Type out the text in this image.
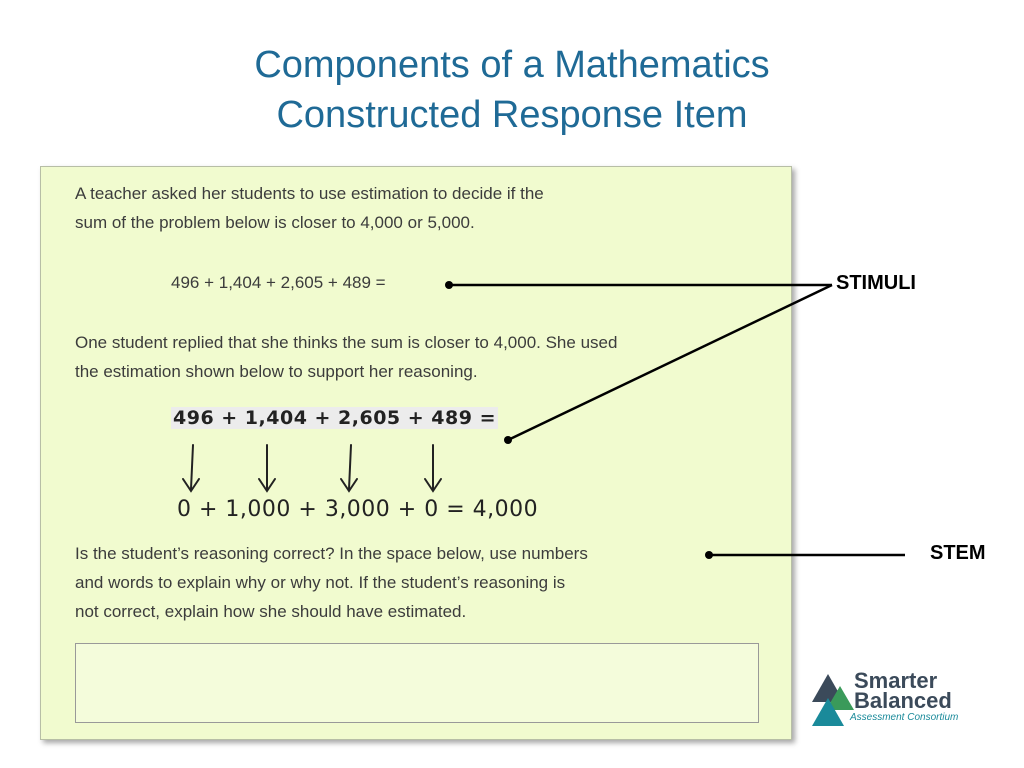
Components of a Mathematics
Constructed Response Item
A teacher asked her students to use estimation to decide if the
sum of the problem below is closer to 4,000 or 5,000.
496 + 1,404 + 2,605 + 489 =
One student replied that she thinks the sum is closer to 4,000. She used
the estimation shown below to support her reasoning.
496 + 1,404 + 2,605 + 489 =
0 + 1,000 + 3,000 + 0 = 4,000
Is the student’s reasoning correct? In the space below, use numbers
and words to explain why or why not. If the student’s reasoning is
not correct, explain how she should have estimated.
STIMULI
STEM
Smarter
Balanced
Assessment Consortium
